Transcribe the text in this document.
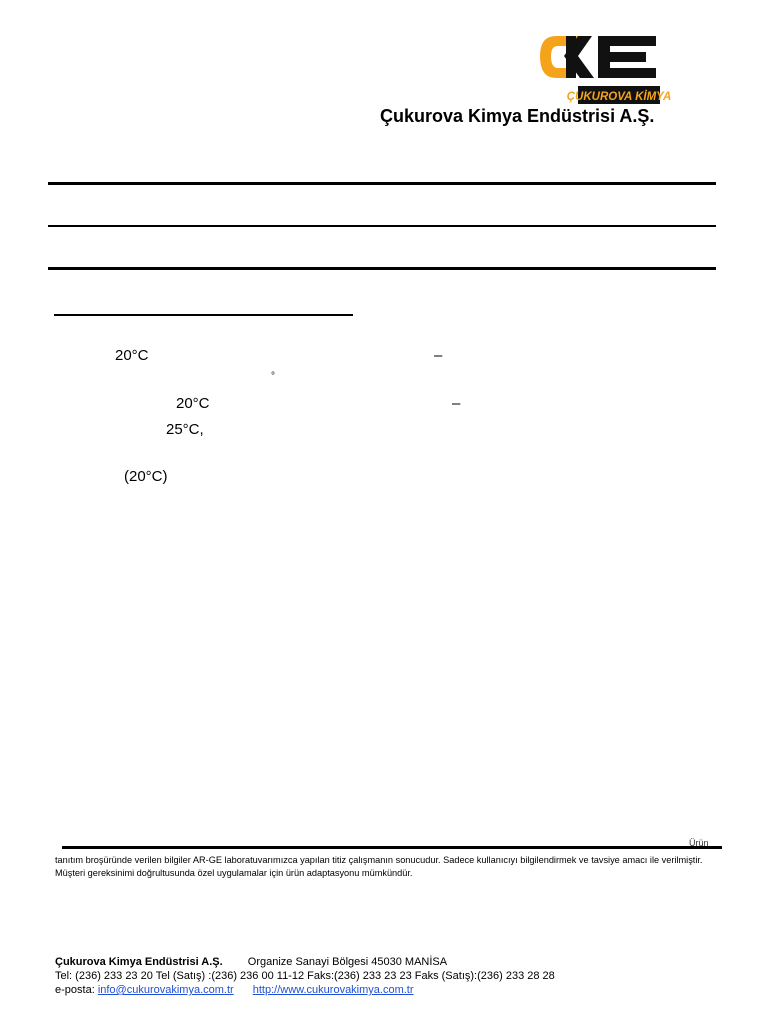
ÇUKUROVA KİMYA
Çukurova Kimya Endüstrisi A.Ş.
20°C	–
°
20°C	–
25°C,
(20°C)
Ürün
tanıtım broşüründe verilen bilgiler AR-GE laboratuvarımızca yapılan titiz çalışmanın sonucudur. Sadece kullanıcıyı bilgilendirmek ve tavsiye amacı ile verilmiştir.
Müşteri gereksinimi doğrultusunda özel uygulamalar için ürün adaptasyonu mümkündür.
Çukurova Kimya Endüstrisi A.Ş. Organize Sanayi Bölgesi 45030 MANİSA
Tel: (236) 233 23 20 Tel (Satış) :(236) 236 00 11-12 Faks:(236) 233 23 23 Faks (Satış):(236) 233 28 28
e-posta: info@cukurovakimya.com.tr http://www.cukurovakimya.com.tr
